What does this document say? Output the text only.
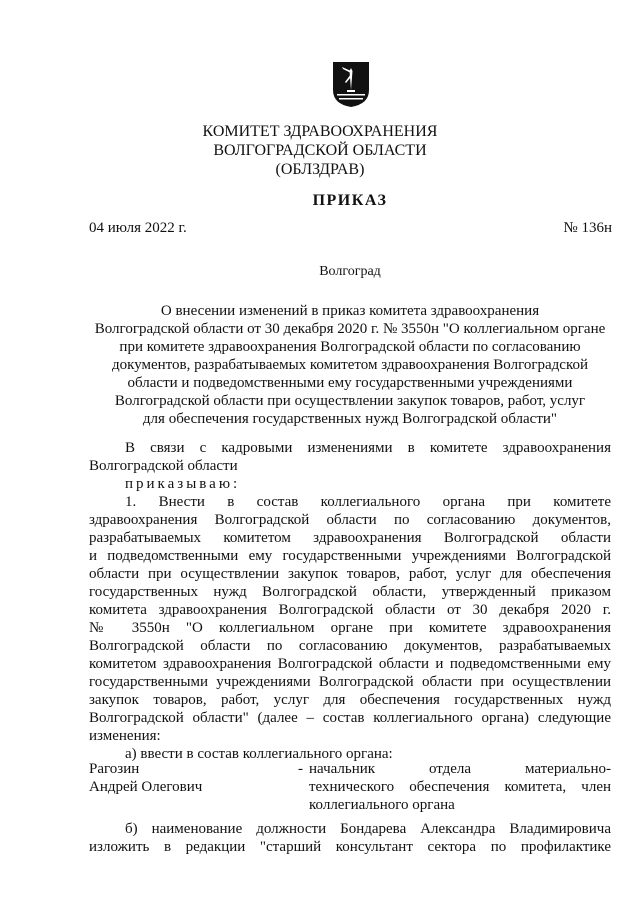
КОМИТЕТ ЗДРАВООХРАНЕНИЯ
ВОЛГОГРАДСКОЙ ОБЛАСТИ
(ОБЛЗДРАВ)
ПРИКАЗ
04 июля 2022 г.	№ 136н
Волгоград
О внесении изменений в приказ комитета здравоохранения
Волгоградской области от 30 декабря 2020 г. № 3550н "О коллегиальном органе
при комитете здравоохранения Волгоградской области по согласованию
документов, разрабатываемых комитетом здравоохранения Волгоградской
области и подведомственными ему государственными учреждениями
Волгоградской области при осуществлении закупок товаров, работ, услуг
для обеспечения государственных нужд Волгоградской области"
В связи с кадровыми изменениями в комитете здравоохранения
Волгоградской области
приказываю:
1. Внести в состав коллегиального органа при комитете
здравоохранения Волгоградской области по согласованию документов,
разрабатываемых комитетом здравоохранения Волгоградской области
и подведомственными ему государственными учреждениями Волгоградской
области при осуществлении закупок товаров, работ, услуг для обеспечения
государственных нужд Волгоградской области, утвержденный приказом
комитета здравоохранения Волгоградской области от 30 декабря 2020 г.
№ 3550н "О коллегиальном органе при комитете здравоохранения
Волгоградской области по согласованию документов, разрабатываемых
комитетом здравоохранения Волгоградской области и подведомственными ему
государственными учреждениями Волгоградской области при осуществлении
закупок товаров, работ, услуг для обеспечения государственных нужд
Волгоградской области" (далее – состав коллегиального органа) следующие
изменения:
а) ввести в состав коллегиального органа:
Рагозин
Андрей Олегович
- начальник отдела материально-
технического обеспечения комитета, член
коллегиального органа
б) наименование должности Бондарева Александра Владимировича
изложить в редакции "старший консультант сектора по профилактике
